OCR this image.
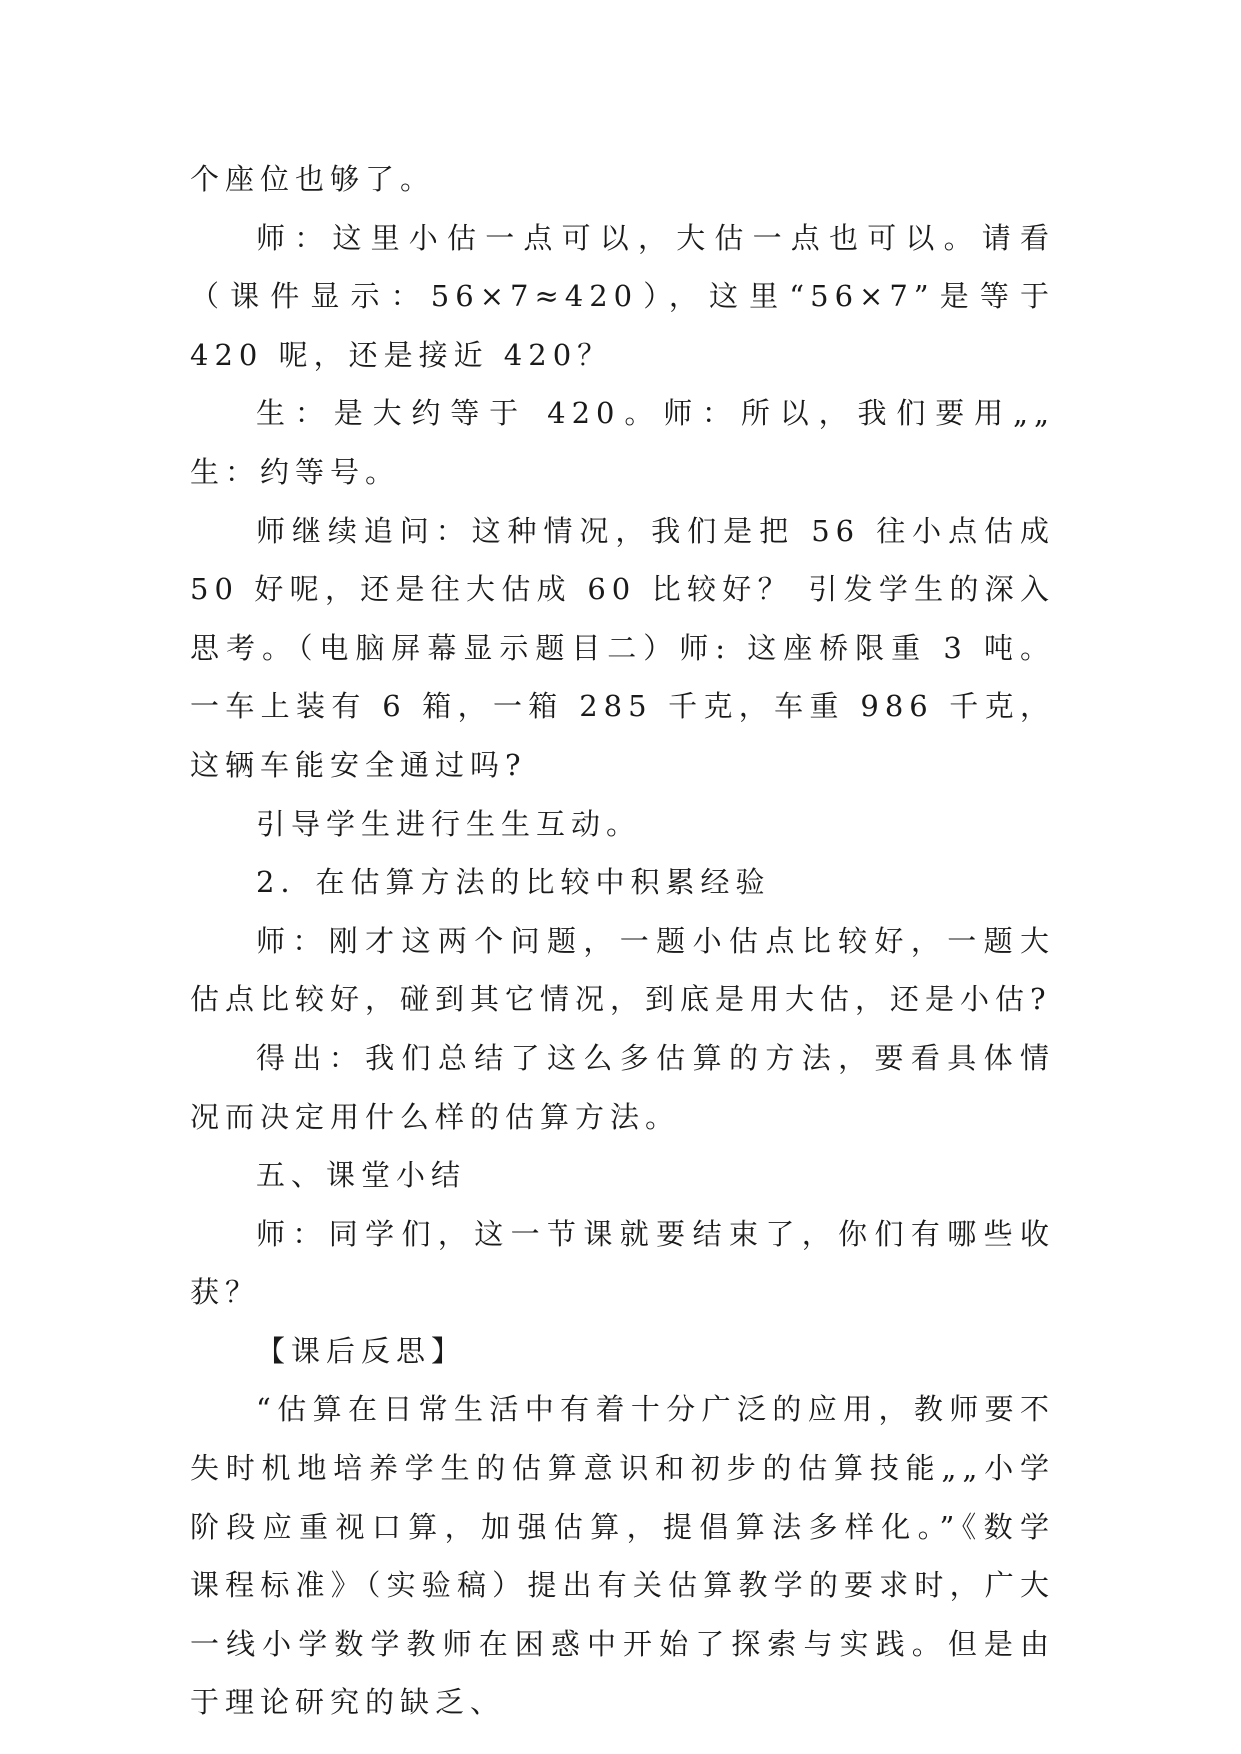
个座位也够了。

师：这里小估一点可以，大估一点也可以。请看（课件显示：56×7≈420），这里“56×7”是等于 420 呢，还是接近 420？

生：是大约等于 420。师：所以，我们要用„„ 生：约等号。

师继续追问：这种情况，我们是把 56 往小点估成 50 好呢，还是往大估成 60 比较好？ 引发学生的深入思考。（电脑屏幕显示题目二）师: 这座桥限重 3 吨。一车上装有 6 箱，一箱 285 千克，车重 986 千克，这辆车能安全通过吗?

引导学生进行生生互动。

2．在估算方法的比较中积累经验

师：刚才这两个问题，一题小估点比较好，一题大估点比较好，碰到其它情况，到底是用大估，还是小估?

得出：我们总结了这么多估算的方法，要看具体情况而决定用什么样的估算方法。

五、课堂小结

师：同学们，这一节课就要结束了，你们有哪些收获？

【课后反思】

“估算在日常生活中有着十分广泛的应用，教师要不失时机地培养学生的估算意识和初步的估算技能„„小学阶段应重视口算，加强估算，提倡算法多样化。”《数学课程标准》（实验稿）提出有关估算教学的要求时，广大一线小学数学教师在困惑中开始了探索与实践。但是由于理论研究的缺乏、
